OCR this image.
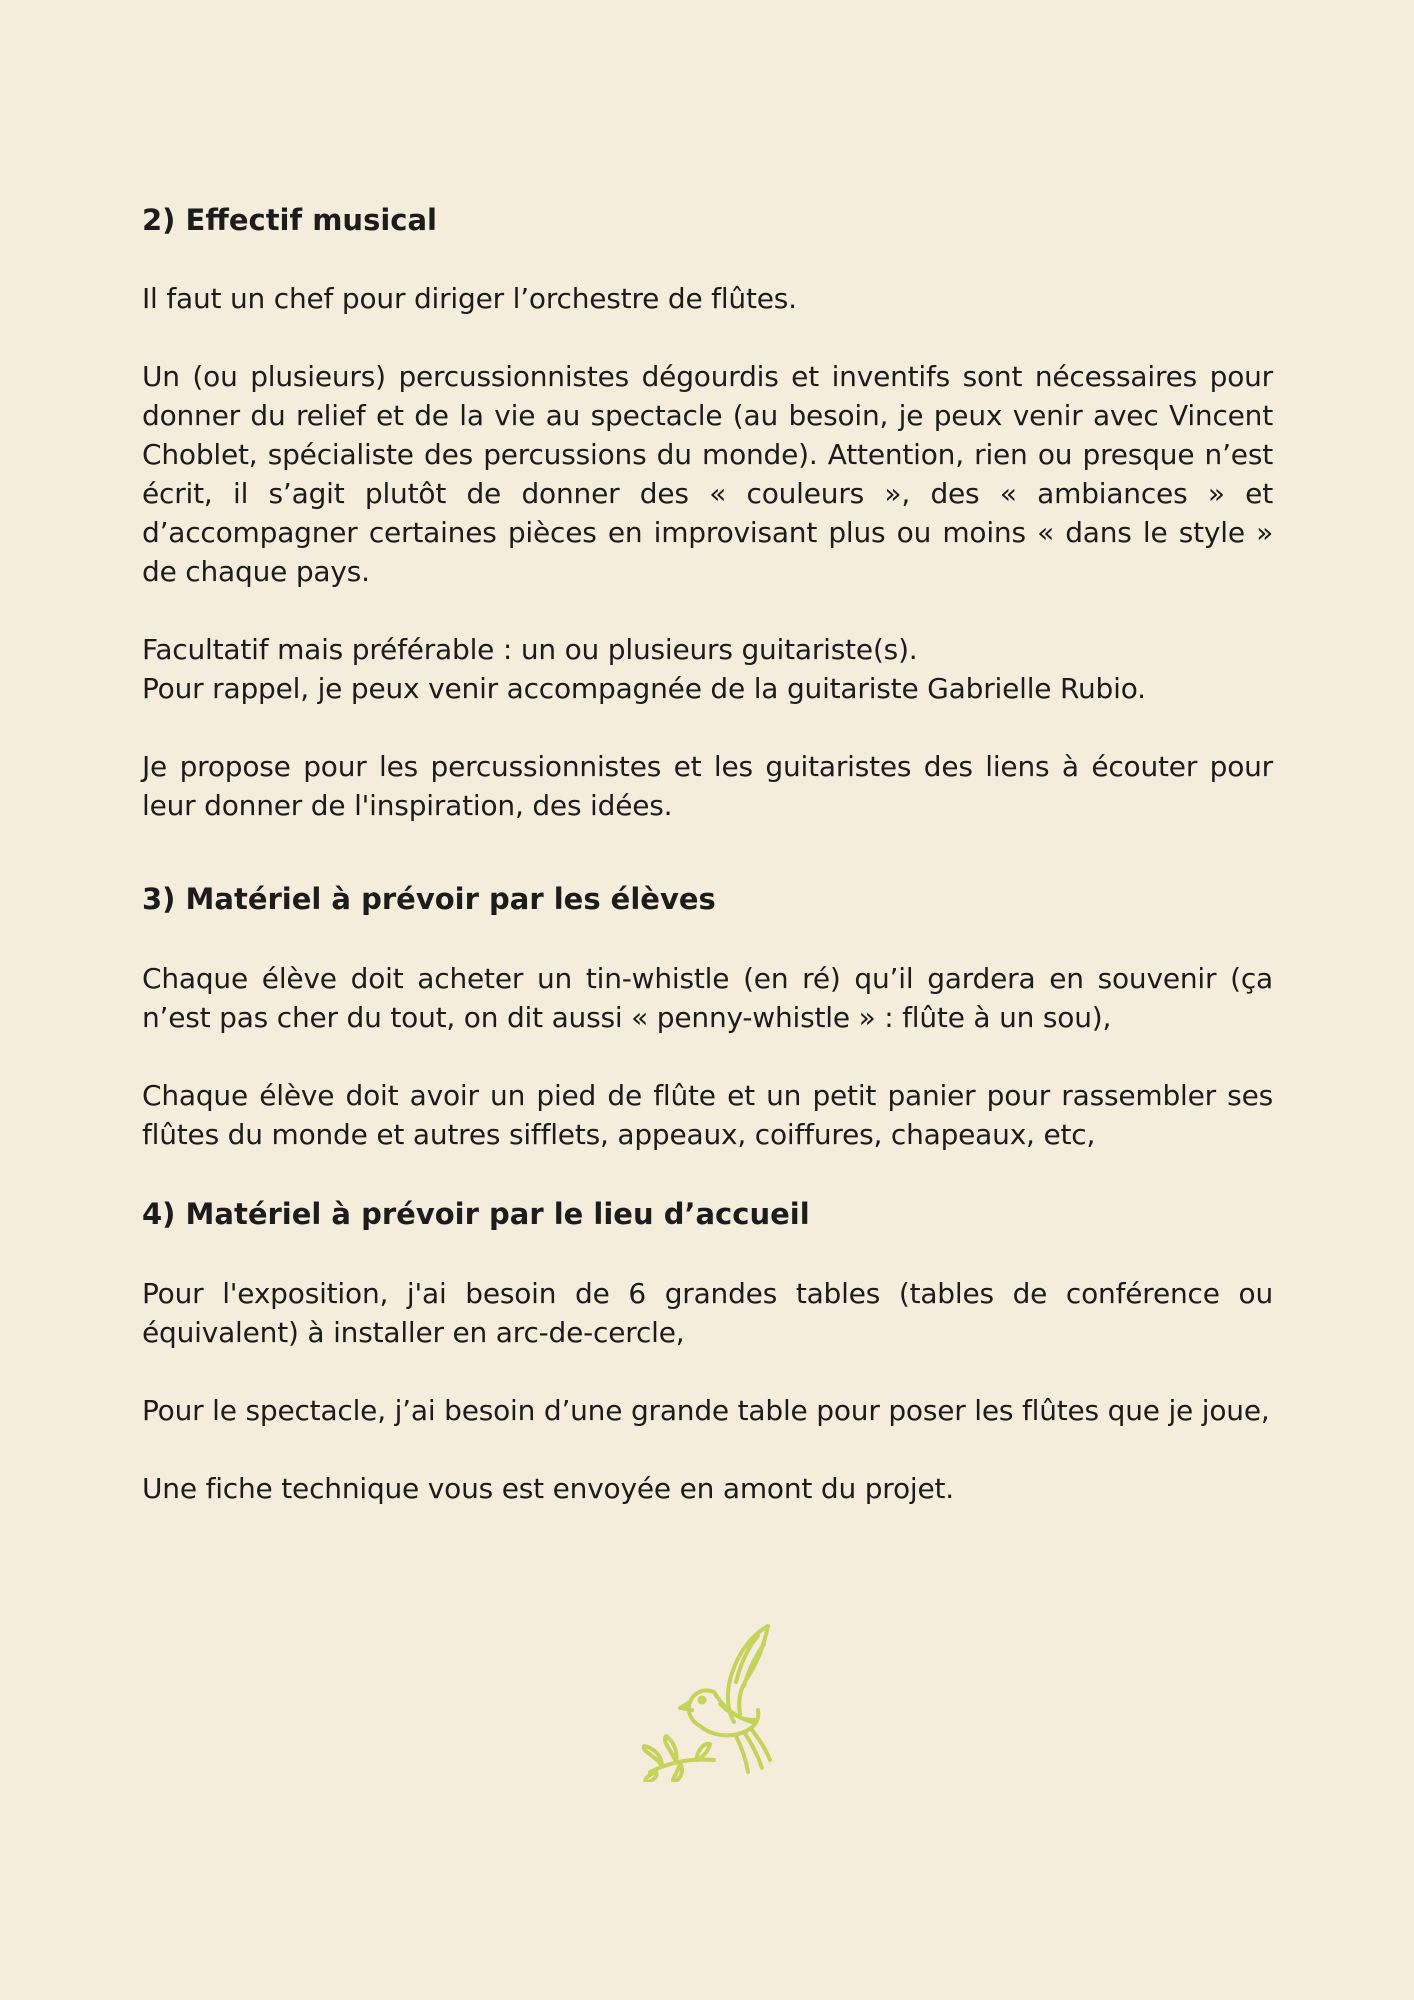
2) Effectif musical

Il faut un chef pour diriger l’orchestre de flûtes.

Un (ou plusieurs) percussionnistes dégourdis et inventifs sont nécessaires pour donner du relief et de la vie au spectacle (au besoin, je peux venir avec Vincent Choblet, spécialiste des percussions du monde). Attention, rien ou presque n’est écrit, il s’agit plutôt de donner des « couleurs », des « ambiances » et d’accompagner certaines pièces en improvisant plus ou moins « dans le style » de chaque pays.

Facultatif mais préférable : un ou plusieurs guitariste(s).
Pour rappel, je peux venir accompagnée de la guitariste Gabrielle Rubio.

Je propose pour les percussionnistes et les guitaristes des liens à écouter pour leur donner de l'inspiration, des idées.

3) Matériel à prévoir par les élèves

Chaque élève doit acheter un tin-whistle (en ré) qu’il gardera en souvenir (ça n’est pas cher du tout, on dit aussi « penny-whistle » : flûte à un sou),

Chaque élève doit avoir un pied de flûte et un petit panier pour rassembler ses flûtes du monde et autres sifflets, appeaux, coiffures, chapeaux, etc,

4) Matériel à prévoir par le lieu d’accueil

Pour l'exposition, j'ai besoin de 6 grandes tables (tables de conférence ou équivalent) à installer en arc-de-cercle,

Pour le spectacle, j’ai besoin d’une grande table pour poser les flûtes que je joue,

Une fiche technique vous est envoyée en amont du projet.
